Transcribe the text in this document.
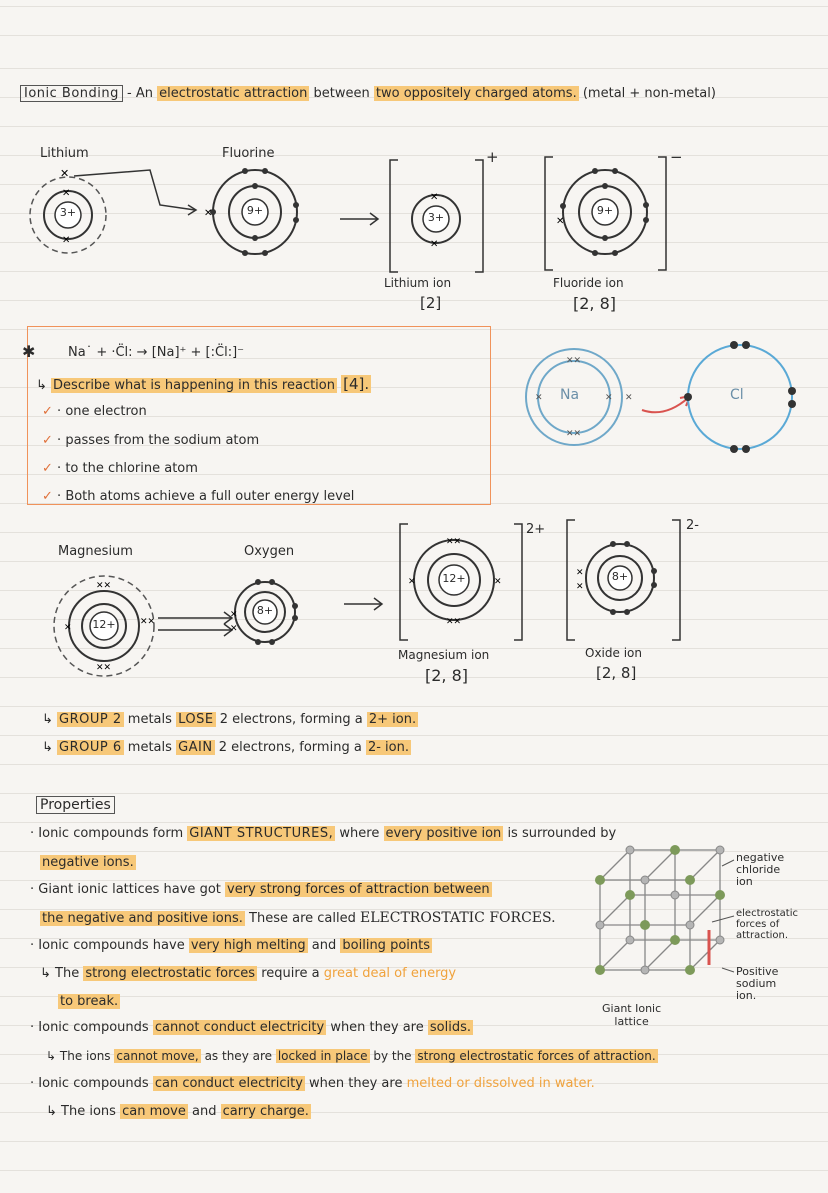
Ionic Bonding - An electrostatic attraction between two oppositely charged atoms. (metal + non-metal)
Lithium	Fluorine
✕
✕
✕
✕
✕
✕
✕
3+	9+
3+
9+
+	−
Lithium ion
[2]
Fluoride ion
[2, 8]
✱	Na˙ + ·C̈l: → [Na]⁺ + [:C̈l:]⁻
↳ Describe what is happening in this reaction [4].
✓ · one electron
✓ · passes from the sodium atom
✓ · to the chlorine atom
✓ · Both atoms achieve a full outer energy level
✕✕
✕✕
✕	✕ ✕
Na	Cl
Magnesium	Oxygen
✕✕
✕✕
✕
✕✕
✕
✕
✕✕
✕✕
✕	✕
✕
✕
12+
8+
12+	8+
2+	2-
Magnesium ion
[2, 8]
Oxide ion
[2, 8]
↳ GROUP 2 metals LOSE 2 electrons, forming a 2+ ion.
↳ GROUP 6 metals GAIN 2 electrons, forming a 2- ion.
Properties
· Ionic compounds form GIANT STRUCTURES, where every positive ion is surrounded by
negative ions.
· Giant ionic lattices have got very strong forces of attraction between
the negative and positive ions. These are called ELECTROSTATIC FORCES.
· Ionic compounds have very high melting and boiling points
↳ The strong electrostatic forces require a great deal of energy
to break.
· Ionic compounds cannot conduct electricity when they are solids.
↳ The ions cannot move, as they are locked in place by the strong electrostatic forces of attraction.
· Ionic compounds can conduct electricity when they are melted or dissolved in water.
↳ The ions can move and carry charge.
negative
chloride
ion
electrostatic
forces of
attraction.
Positive
sodium
ion.
Giant Ionic
lattice
